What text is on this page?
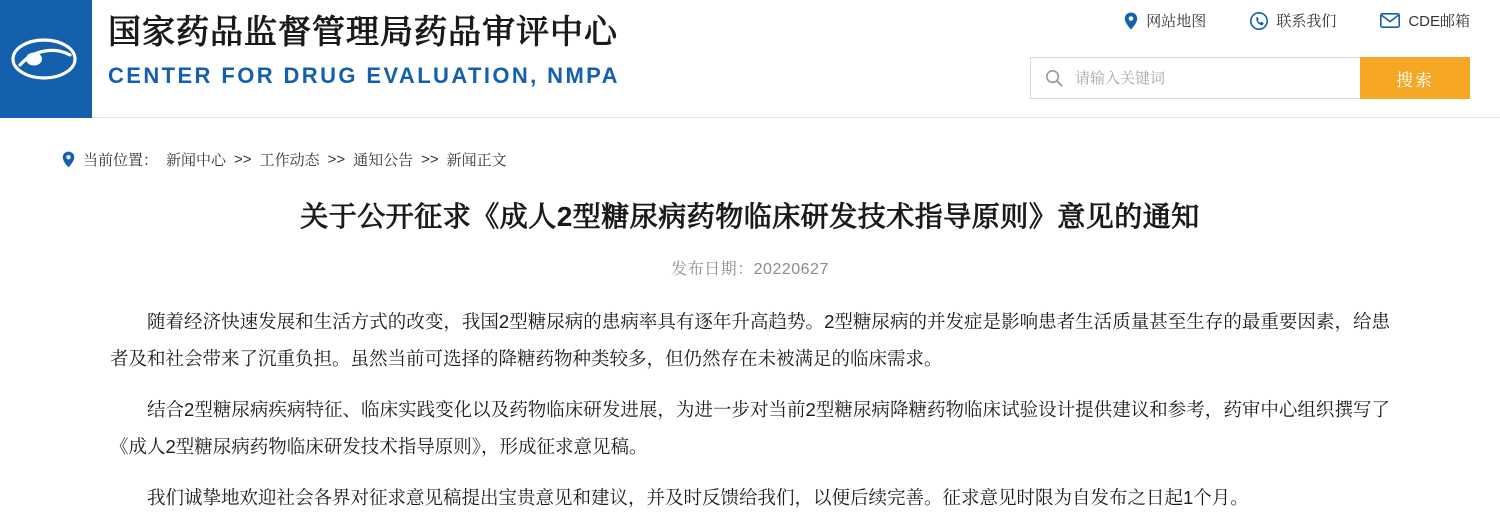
国家药品监督管理局药品审评中心
CENTER FOR DRUG EVALUATION, NMPA
网站地图	联系我们	CDE邮箱
请输入关键词
搜索
当前位置： 新闻中心 >> 工作动态 >> 通知公告 >> 新闻正文
关于公开征求《成人2型糖尿病药物临床研发技术指导原则》意见的通知
发布日期：20220627

随着经济快速发展和生活方式的改变，我国2型糖尿病的患病率具有逐年升高趋势。2型糖尿病的并发症是影响患者生活质量甚至生存的最重要因素，给患者及和社会带来了沉重负担。虽然当前可选择的降糖药物种类较多，但仍然存在未被满足的临床需求。

结合2型糖尿病疾病特征、临床实践变化以及药物临床研发进展，为进一步对当前2型糖尿病降糖药物临床试验设计提供建议和参考，药审中心组织撰写了《成人2型糖尿病药物临床研发技术指导原则》，形成征求意见稿。

我们诚挚地欢迎社会各界对征求意见稿提出宝贵意见和建议，并及时反馈给我们，以便后续完善。征求意见时限为自发布之日起1个月。
